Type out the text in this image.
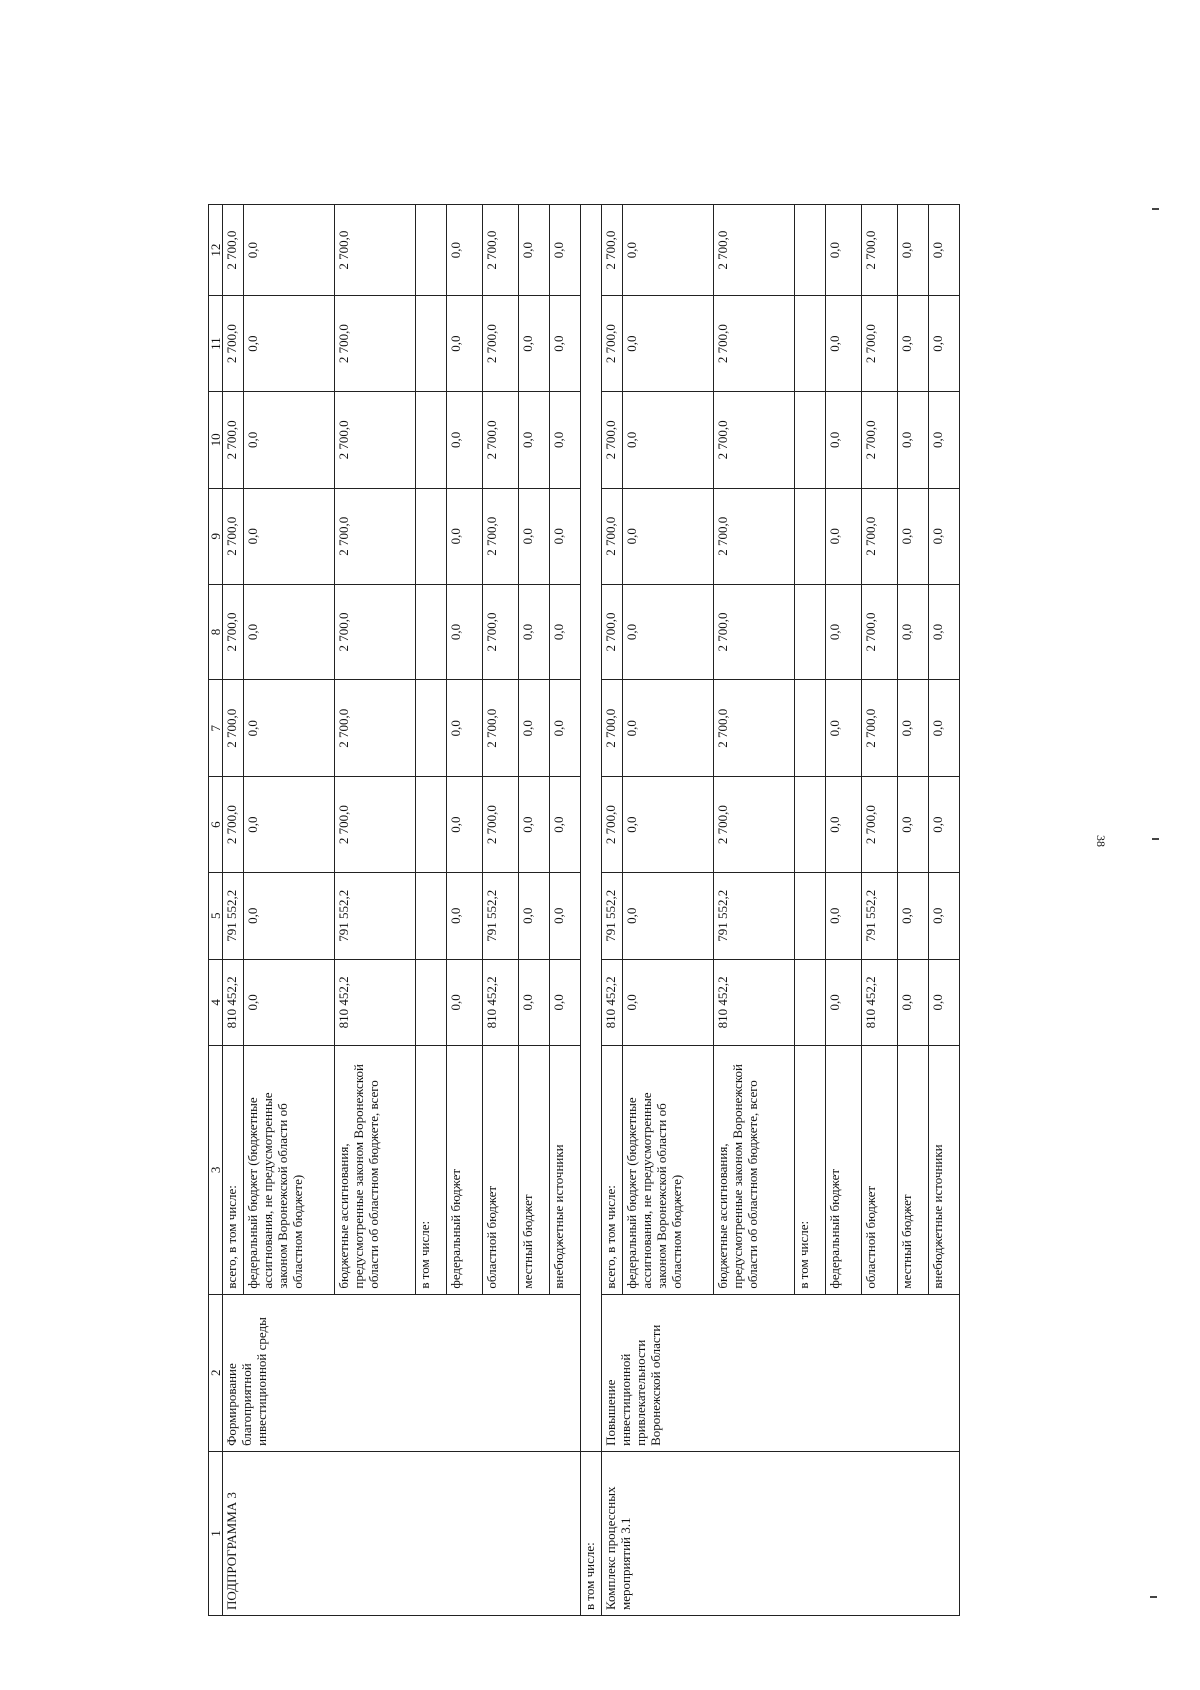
38
1	2	3	4	5	6	7	8	9	10	11	12
ПОДПРОГРАММА 3	Формирование благоприятной инвестиционной среды	всего, в том числе:	810 452,2	791 552,2	2 700,0	2 700,0	2 700,0	2 700,0	2 700,0	2 700,0	2 700,0
		федеральный бюджет (бюджетные ассигнования, не предусмотренные законом Воронежской области об областном бюджете)	0,0	0,0	0,0	0,0	0,0	0,0	0,0	0,0	0,0
		бюджетные ассигнования, предусмотренные законом Воронежской области об областном бюджете, всего	810 452,2	791 552,2	2 700,0	2 700,0	2 700,0	2 700,0	2 700,0	2 700,0	2 700,0
		в том числе:									
		федеральный бюджет	0,0	0,0	0,0	0,0	0,0	0,0	0,0	0,0	0,0
		областной бюджет	810 452,2	791 552,2	2 700,0	2 700,0	2 700,0	2 700,0	2 700,0	2 700,0	2 700,0
		местный бюджет	0,0	0,0	0,0	0,0	0,0	0,0	0,0	0,0	0,0
		внебюджетные источники	0,0	0,0	0,0	0,0	0,0	0,0	0,0	0,0	0,0
в том числе:											
Комплекс процессных мероприятий 3.1	Повышение инвестиционной привлекательности Воронежской области	всего, в том числе:	810 452,2	791 552,2	2 700,0	2 700,0	2 700,0	2 700,0	2 700,0	2 700,0	2 700,0
		федеральный бюджет (бюджетные ассигнования, не предусмотренные законом Воронежской области об областном бюджете)	0,0	0,0	0,0	0,0	0,0	0,0	0,0	0,0	0,0
		бюджетные ассигнования, предусмотренные законом Воронежской области об областном бюджете, всего	810 452,2	791 552,2	2 700,0	2 700,0	2 700,0	2 700,0	2 700,0	2 700,0	2 700,0
		в том числе:									
		федеральный бюджет	0,0	0,0	0,0	0,0	0,0	0,0	0,0	0,0	0,0
		областной бюджет	810 452,2	791 552,2	2 700,0	2 700,0	2 700,0	2 700,0	2 700,0	2 700,0	2 700,0
		местный бюджет	0,0	0,0	0,0	0,0	0,0	0,0	0,0	0,0	0,0
		внебюджетные источники	0,0	0,0	0,0	0,0	0,0	0,0	0,0	0,0	0,0
